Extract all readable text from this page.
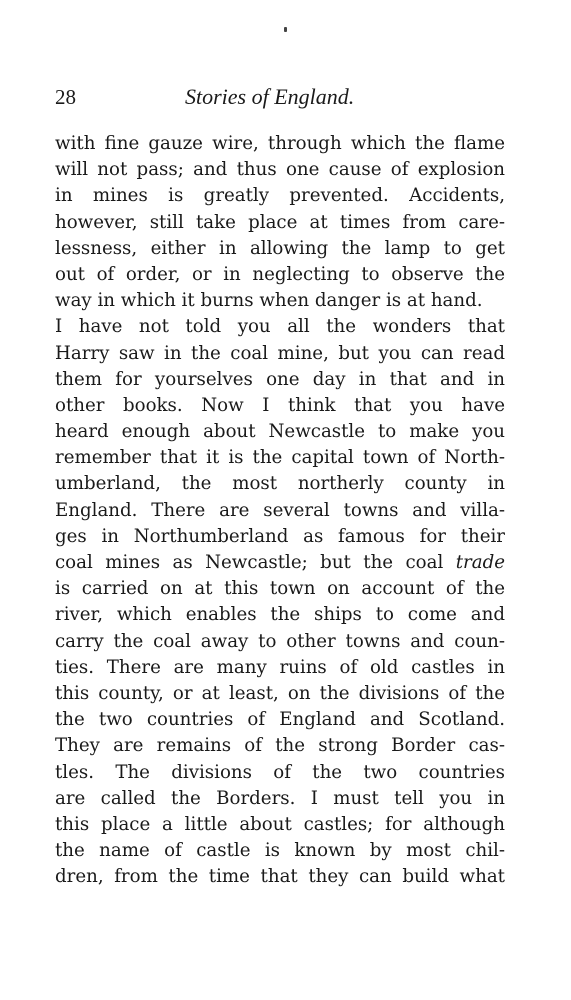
28	Stories of England.
with fine gauze wire, through which the flame
will not pass; and thus one cause of explosion
in mines is greatly prevented. Accidents,
however, still take place at times from care-
lessness, either in allowing the lamp to get
out of order, or in neglecting to observe the
way in which it burns when danger is at hand.
I have not told you all the wonders that
Harry saw in the coal mine, but you can read
them for yourselves one day in that and in
other books. Now I think that you have
heard enough about Newcastle to make you
remember that it is the capital town of North-
umberland, the most northerly county in
England. There are several towns and villa-
ges in Northumberland as famous for their
coal mines as Newcastle; but the coal trade
is carried on at this town on account of the
river, which enables the ships to come and
carry the coal away to other towns and coun-
ties. There are many ruins of old castles in
this county, or at least, on the divisions of the
the two countries of England and Scotland.
They are remains of the strong Border cas-
tles. The divisions of the two countries
are called the Borders. I must tell you in
this place a little about castles; for although
the name of castle is known by most chil-
dren, from the time that they can build what
